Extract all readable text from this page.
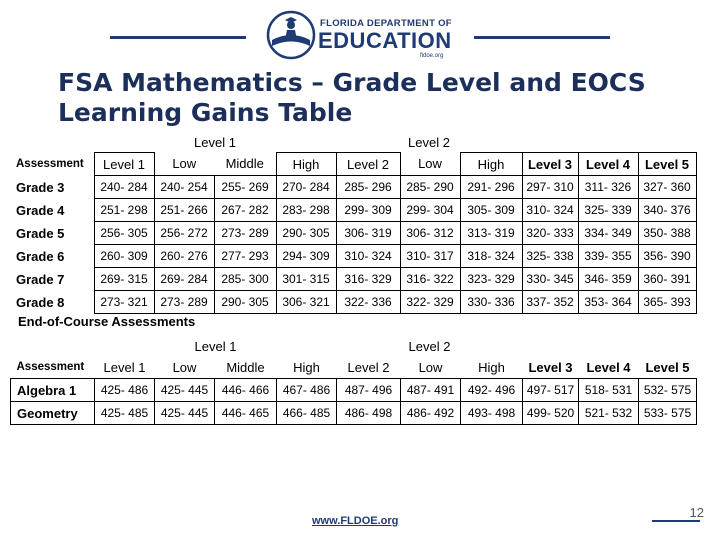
FLORIDA DEPARTMENT OF
EDUCATION
fldoe.org
FSA Mathematics – Grade Level and EOCS
Learning Gains Table
	Level 1				Level 2					
Assessment	Level 1	Low	Middle	High	Level 2	Low	High	Level 3	Level 4	Level 5
Grade 3	240- 284	240- 254	255- 269	270- 284	285- 296	285- 290	291- 296	297- 310	311- 326	327- 360
Grade 4	251- 298	251- 266	267- 282	283- 298	299- 309	299- 304	305- 309	310- 324	325- 339	340- 376
Grade 5	256- 305	256- 272	273- 289	290- 305	306- 319	306- 312	313- 319	320- 333	334- 349	350- 388
Grade 6	260- 309	260- 276	277- 293	294- 309	310- 324	310- 317	318- 324	325- 338	339- 355	356- 390
Grade 7	269- 315	269- 284	285- 300	301- 315	316- 329	316- 322	323- 329	330- 345	346- 359	360- 391
Grade 8	273- 321	273- 289	290- 305	306- 321	322- 336	322- 329	330- 336	337- 352	353- 364	365- 393
End-of-Course Assessments
	Level 1				Level 2					
Assessment	Level 1	Low	Middle	High	Level 2	Low	High	Level 3	Level 4	Level 5
Algebra 1	425- 486	425- 445	446- 466	467- 486	487- 496	487- 491	492- 496	497- 517	518- 531	532- 575
Geometry	425- 485	425- 445	446- 465	466- 485	486- 498	486- 492	493- 498	499- 520	521- 532	533- 575
www.FLDOE.org
12
